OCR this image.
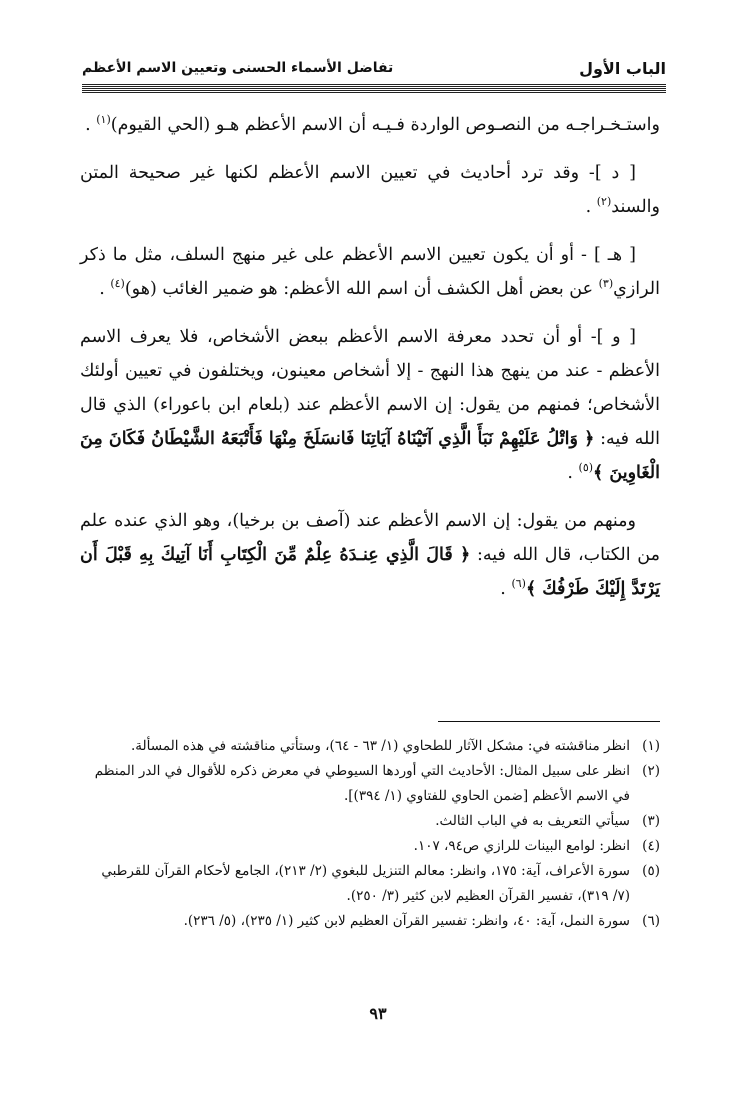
الباب الأول
تفاضل الأسماء الحسنى وتعيين الاسم الأعظم

واستـخـراجـه من النصـوص الواردة فـيـه أن الاسم الأعظم هـو (الحي القيوم)$^{(١)}$ .

[ د ]- وقد ترد أحاديث في تعيين الاسم الأعظم لكنها غير صحيحة المتن والسند$^{(٢)}$ .

[ هـ ] - أو أن يكون تعيين الاسم الأعظم على غير منهج السلف، مثل ما ذكر الرازي$^{(٣)}$ عن بعض أهل الكشف أن اسم الله الأعظم: هو ضمير الغائب (هو)$^{(٤)}$ .

[ و ]- أو أن تحدد معرفة الاسم الأعظم ببعض الأشخاص، فلا يعرف الاسم الأعظم - عند من ينهج هذا النهج - إلا أشخاص معينون، ويختلفون في تعيين أولئك الأشخاص؛ فمنهم من يقول: إن الاسم الأعظم عند (بلعام ابن باعوراء) الذي قال الله فيه: ﴿ وَاتْلُ عَلَيْهِمْ نَبَأَ الَّذِي آتَيْنَاهُ آيَاتِنَا فَانسَلَخَ مِنْهَا فَأَتْبَعَهُ الشَّيْطَانُ فَكَانَ مِنَ الْغَاوِينَ ﴾$^{(٥)}$ .

ومنهم من يقول: إن الاسم الأعظم عند (آصف بن برخيا)، وهو الذي عنده علم من الكتاب، قال الله فيه: ﴿ قَالَ الَّذِي عِنـدَهُ عِلْمٌ مِّنَ الْكِتَابِ أَنَا آتِيكَ بِهِ قَبْلَ أَن يَرْتَدَّ إِلَيْكَ طَرْفُكَ ﴾$^{(٦)}$ .

(١)
انظر مناقشته في: مشكل الآثار للطحاوي (١/ ٦٣ - ٦٤)، وستأتي مناقشته في هذه المسألة.
(٢)
انظر على سبيل المثال: الأحاديث التي أوردها السيوطي في معرض ذكره للأقوال في الدر المنظم في الاسم الأعظم [ضمن الحاوي للفتاوي (١/ ٣٩٤)].
(٣)
سيأتي التعريف به في الباب الثالث.
(٤)
انظر: لوامع البينات للرازي ص٩٤، ١٠٧.
(٥)
سورة الأعراف، آية: ١٧٥، وانظر: معالم التنزيل للبغوي (٢/ ٢١٣)، الجامع لأحكام القرآن للقرطبي (٧/ ٣١٩)، تفسير القرآن العظيم لابن كثير (٣/ ٢٥٠).
(٦)
سورة النمل، آية: ٤٠، وانظر: تفسير القرآن العظيم لابن كثير (١/ ٢٣٥)، (٥/ ٢٣٦).
٩٣
